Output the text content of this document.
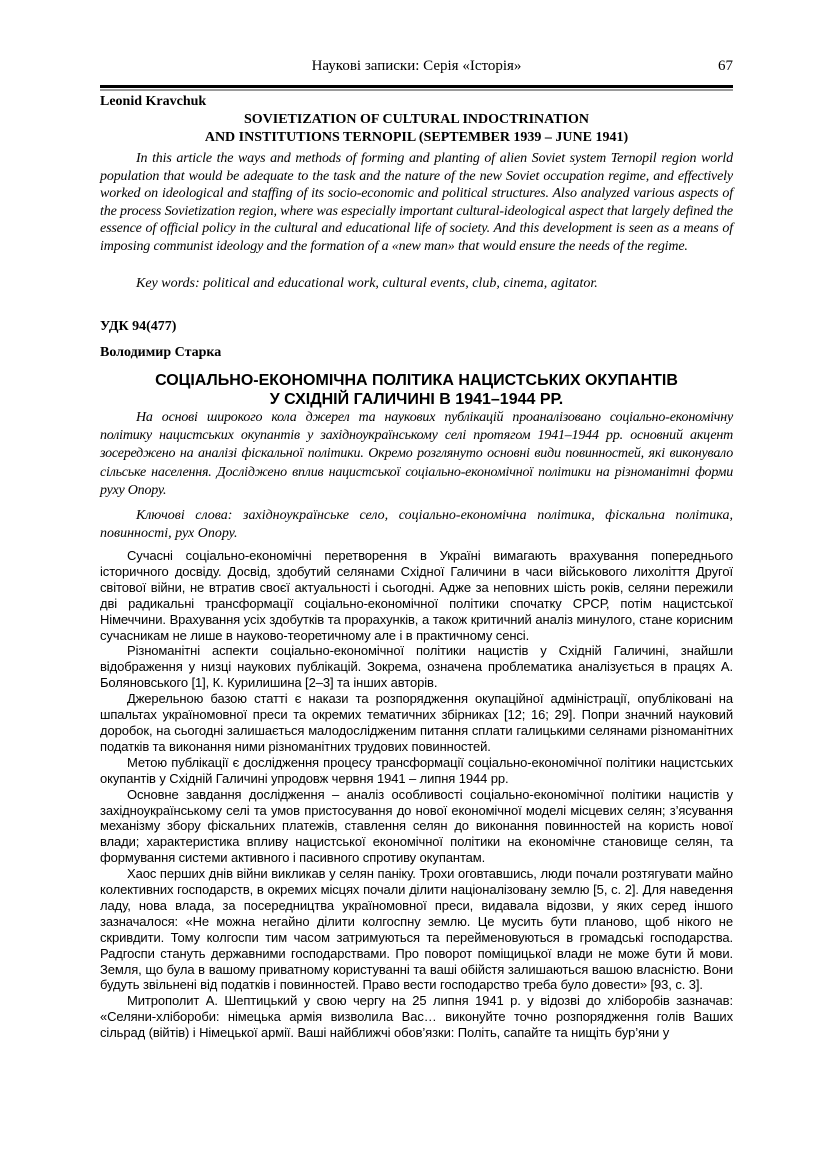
Наукові записки: Серія «Історія»	67
Leonid Kravchuk
SOVIETIZATION OF CULTURAL INDOCTRINATION
AND INSTITUTIONS TERNOPIL (SEPTEMBER 1939 – JUNE 1941)

In this article the ways and methods of forming and planting of alien Soviet system Ternopil region world population that would be adequate to the task and the nature of the new Soviet occupation regime, and effectively worked on ideological and staffing of its socio-economic and political structures. Also analyzed various aspects of the process Sovietization region, where was especially important cultural-ideological aspect that largely defined the essence of official policy in the cultural and educational life of society. And this development is seen as a means of imposing communist ideology and the formation of a «new man» that would ensure the needs of the regime.

Key words: political and educational work, cultural events, club, cinema, agitator.

УДК 94(477)
Володимир Старка
СОЦІАЛЬНО-ЕКОНОМІЧНА ПОЛІТИКА НАЦИСТСЬКИХ ОКУПАНТІВ
У СХІДНІЙ ГАЛИЧИНІ В 1941–1944 РР.

На основі широкого кола джерел та наукових публікацій проаналізовано соціально-економічну політику нацистських окупантів у західноукраїнському селі протягом 1941–1944 рр. основний акцент зосереджено на аналізі фіскальної політики. Окремо розглянуто основні види повинностей, які виконувало сільське населення. Досліджено вплив нацистської соціально-економічної політики на різноманітні форми руху Опору.

Ключові слова: західноукраїнське село, соціально-економічна політика, фіскальна політика, повинності, рух Опору.

Сучасні соціально-економічні перетворення в Україні вимагають врахування попереднього історичного досвіду. Досвід, здобутий селянами Східної Галичини в часи військового лихоліття Другої світової війни, не втратив своєї актуальності і сьогодні. Адже за неповних шість років, селяни пережили дві радикальні трансформації соціально-економічної політики спочатку СРСР, потім нацистської Німеччини. Врахування усіх здобутків та прорахунків, а також критичний аналіз минулого, стане корисним сучасникам не лише в науково-теоретичному але і в практичному сенсі.

Різноманітні аспекти соціально-економічної політики нацистів у Східній Галичині, знайшли відображення у низці наукових публікацій. Зокрема, означена проблематика аналізується в працях А. Боляновського [1], К. Курилишина [2–3] та інших авторів.

Джерельною базою статті є накази та розпорядження окупаційної адміністрації, опубліковані на шпальтах україномовної преси та окремих тематичних збірниках [12; 16; 29]. Попри значний науковий доробок, на сьогодні залишається малодослідженим питання сплати галицькими селянами різноманітних податків та виконання ними різноманітних трудових повинностей.

Метою публікації є дослідження процесу трансформації соціально-економічної політики нацистських окупантів у Східній Галичині упродовж червня 1941 – липня 1944 рр.

Основне завдання дослідження – аналіз особливості соціально-економічної політики нацистів у західноукраїнському селі та умов пристосування до нової економічної моделі місцевих селян; з’ясування механізму збору фіскальних платежів, ставлення селян до виконання повинностей на користь нової влади; характеристика впливу нацистської економічної політики на економічне становище селян, та формування системи активного і пасивного спротиву окупантам.

Хаос перших днів війни викликав у селян паніку. Трохи оговтавшись, люди почали розтягувати майно колективних господарств, в окремих місцях почали ділити націоналізовану землю [5, с. 2]. Для наведення ладу, нова влада, за посередництва україномовної преси, видавала відозви, у яких серед іншого зазначалося: «Не можна негайно ділити колгоспну землю. Це мусить бути планово, щоб нікого не скривдити. Тому колгоспи тим часом затримуються та перейменовуються в громадські господарства. Радгоспи стануть державними господарствами. Про поворот поміщицької влади не може бути й мови. Земля, що була в вашому приватному користуванні та ваші обійстя залишаються вашою власністю. Вони будуть звільнені від податків і повинностей. Право вести господарство треба було довести» [93, с. 3].

Митрополит А. Шептицький у свою чергу на 25 липня 1941 р. у відозві до хліборобів зазначав: «Селяни-хлібороби: німецька армія визволила Вас… виконуйте точно розпорядження голів Ваших сільрад (війтів) і Німецької армії. Ваші найближчі обов’язки: Політь, сапайте та нищіть бур’яни у
